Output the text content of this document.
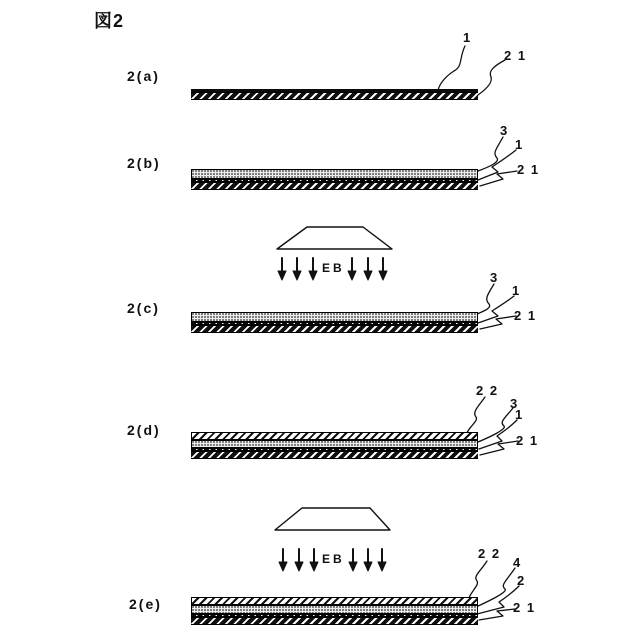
図2
2(a)
1
2 1
2(b)
3
1
2 1
EB
2(c)
3
1
2 1
2(d)
2 2
3
1
2 1
EB
2(e)
2 2
4
2
2 1
